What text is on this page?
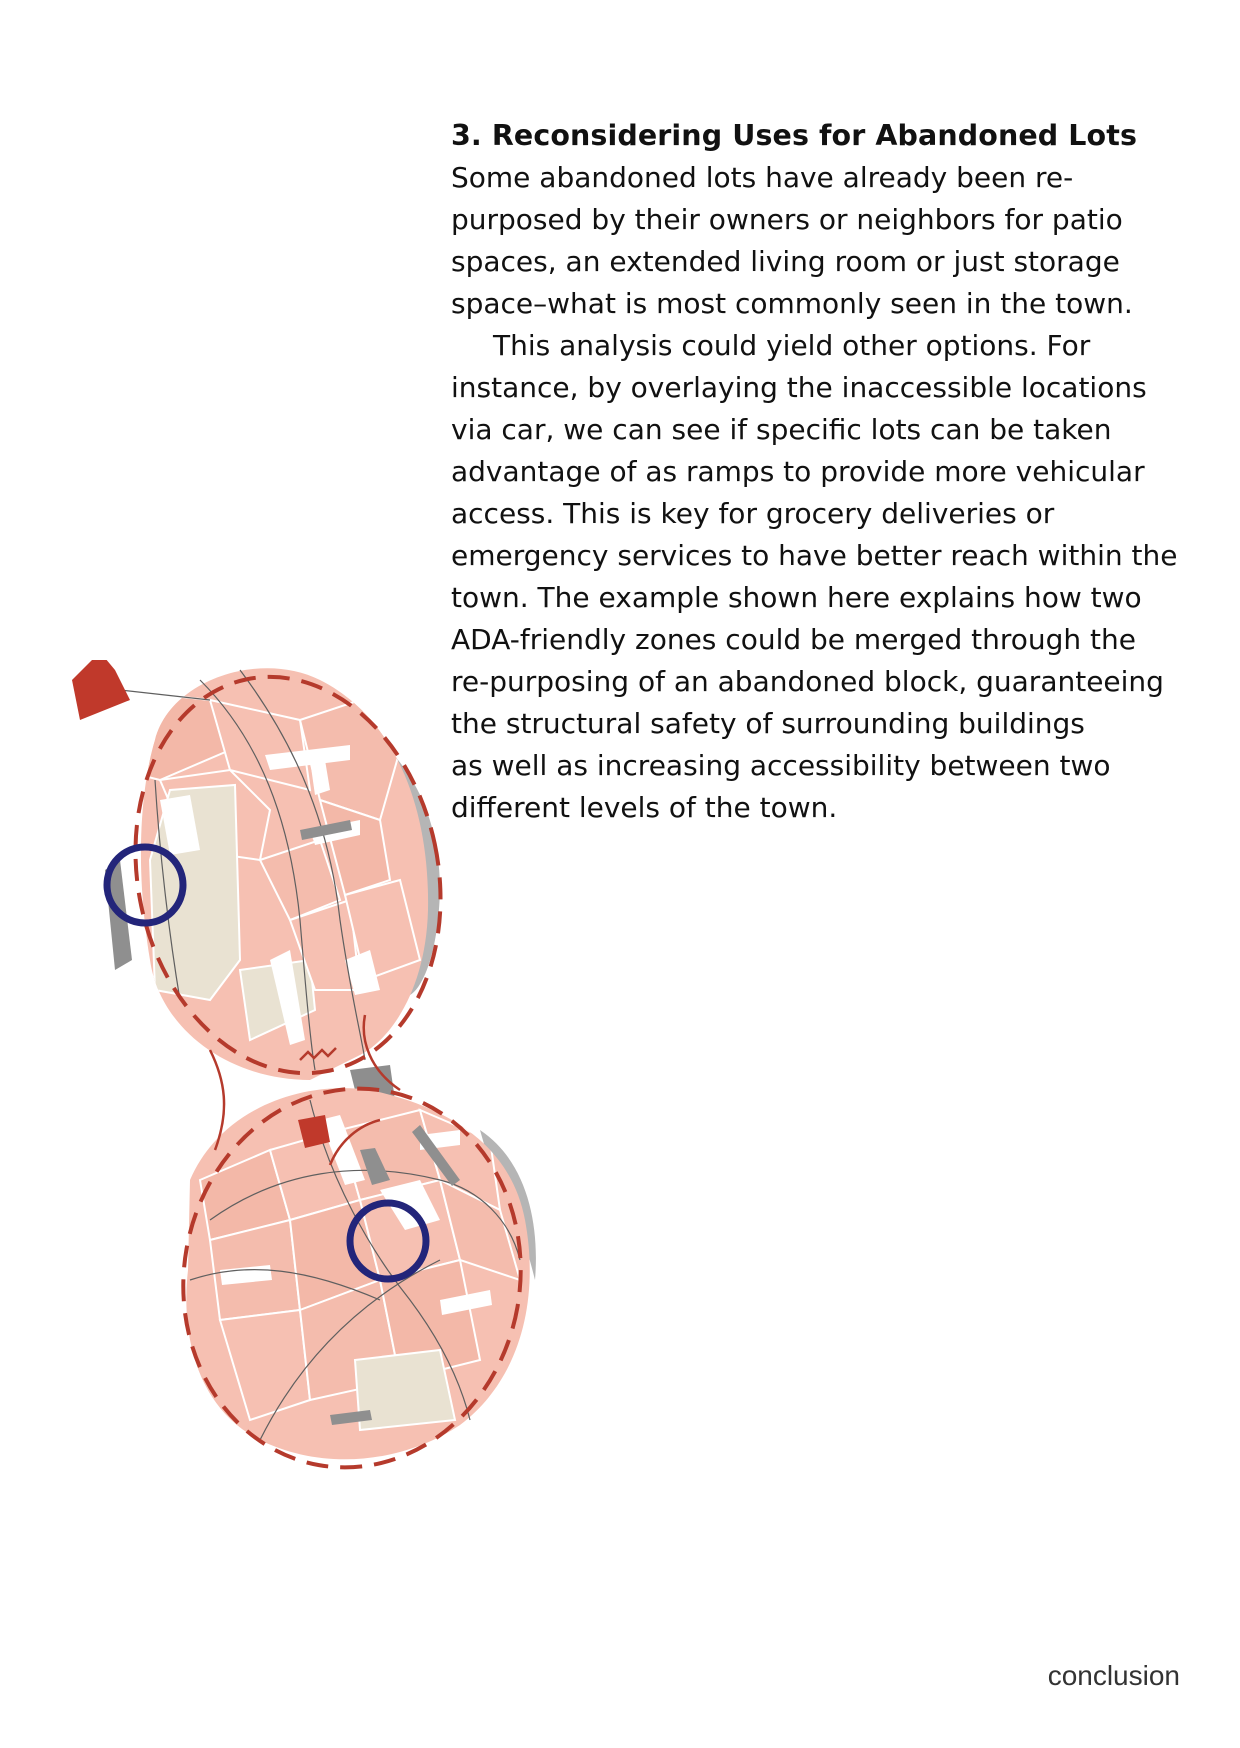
3. Reconsidering Uses for Abandoned Lots

Some abandoned lots have already been re-

purposed by their owners or neighbors for patio

spaces, an extended living room or just storage

space–what is most commonly seen in the town.

This analysis could yield other options. For

instance, by overlaying the inaccessible locations

via car, we can see if specific lots can be taken

advantage of as ramps to provide more vehicular

access. This is key for grocery deliveries or

emergency services to have better reach within the

town. The example shown here explains how two

ADA-friendly zones could be merged through the

re-purposing of an abandoned block, guaranteeing

the structural safety of surrounding buildings

as well as increasing accessibility between two

different levels of the town.

conclusion
